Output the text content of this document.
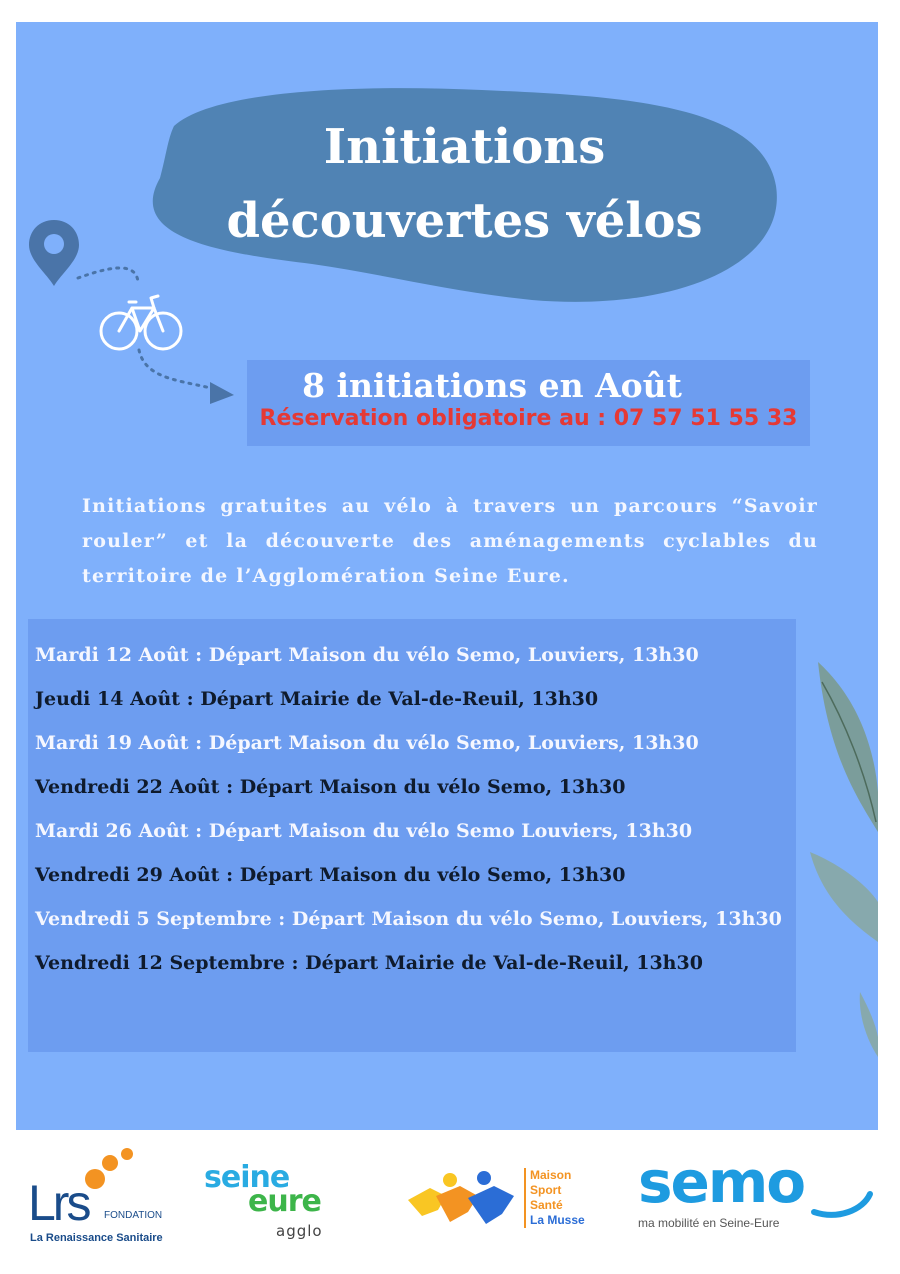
Initiations
découvertes vélos
8 initiations en Août
Réservation obligatoire au : 07 57 51 55 33

Initiations gratuites au vélo à travers un parcours “Savoir rouler” et la découverte des aménagements cyclables du territoire de l’Agglomération Seine Eure.

Mardi 12 Août : Départ Maison du vélo Semo, Louviers, 13h30
Jeudi 14 Août : Départ Mairie de Val-de-Reuil, 13h30
Mardi 19 Août : Départ Maison du vélo Semo, Louviers, 13h30
Vendredi 22 Août : Départ Maison du vélo Semo, 13h30
Mardi 26 Août : Départ Maison du vélo Semo Louviers, 13h30
Vendredi 29 Août : Départ Maison du vélo Semo, 13h30
Vendredi 5 Septembre : Départ Maison du vélo Semo, Louviers, 13h30
Vendredi 12 Septembre : Départ Mairie de Val-de-Reuil, 13h30
Lrs FONDATION
La Renaissance Sanitaire
seine
eure
agglo
Maison
Sport
Santé
La Musse
semo
ma mobilité en Seine-Eure
